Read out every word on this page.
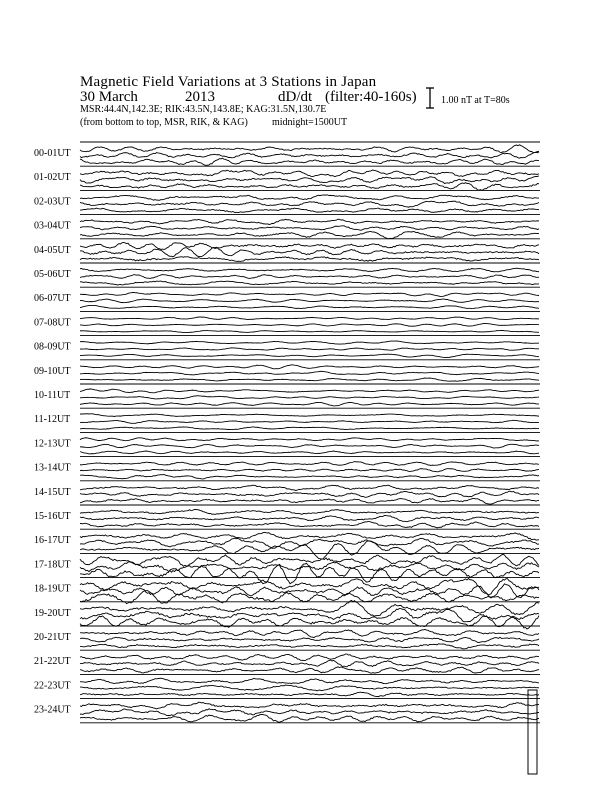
Magnetic Field Variations at 3 Stations in Japan
30 March	2013	dD/dt (filter:40-160s)
MSR:44.4N,142.3E; RIK:43.5N,143.8E; KAG:31.5N,130.7E
(from bottom to top, MSR, RIK, & KAG) midnight=1500UT
1.00 nT at T=80s
00-01UT
01-02UT
02-03UT
03-04UT
04-05UT
05-06UT
06-07UT
07-08UT
08-09UT
09-10UT
10-11UT
11-12UT
12-13UT
13-14UT
14-15UT
15-16UT
16-17UT
17-18UT
18-19UT
19-20UT
20-21UT
21-22UT
22-23UT
23-24UT
